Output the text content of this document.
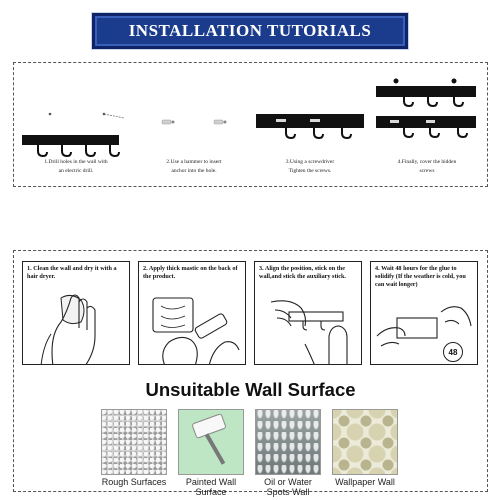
INSTALLATION TUTORIALS
1.Drill holes in the wall with
an electric drill.
2.Use a hammer to insert
anchor into the hole.
3.Using a screwdriver
Tighten the screws.
4.Finally, cover the hidden
screws
1. Clean the wall and dry it with a hair dryer.
2. Apply thick mastic on the back of the product.
3. Align the position, stick on the wall,and stick the auxiliary stick.
4. Wait 48 hours for the glue to solidify (If the weather is cold, you can wait longer)
48
Unsuitable Wall Surface
Rough Surfaces	Painted Wall
Surface
Oil or Water
Spots Wall
Wallpaper Wall
